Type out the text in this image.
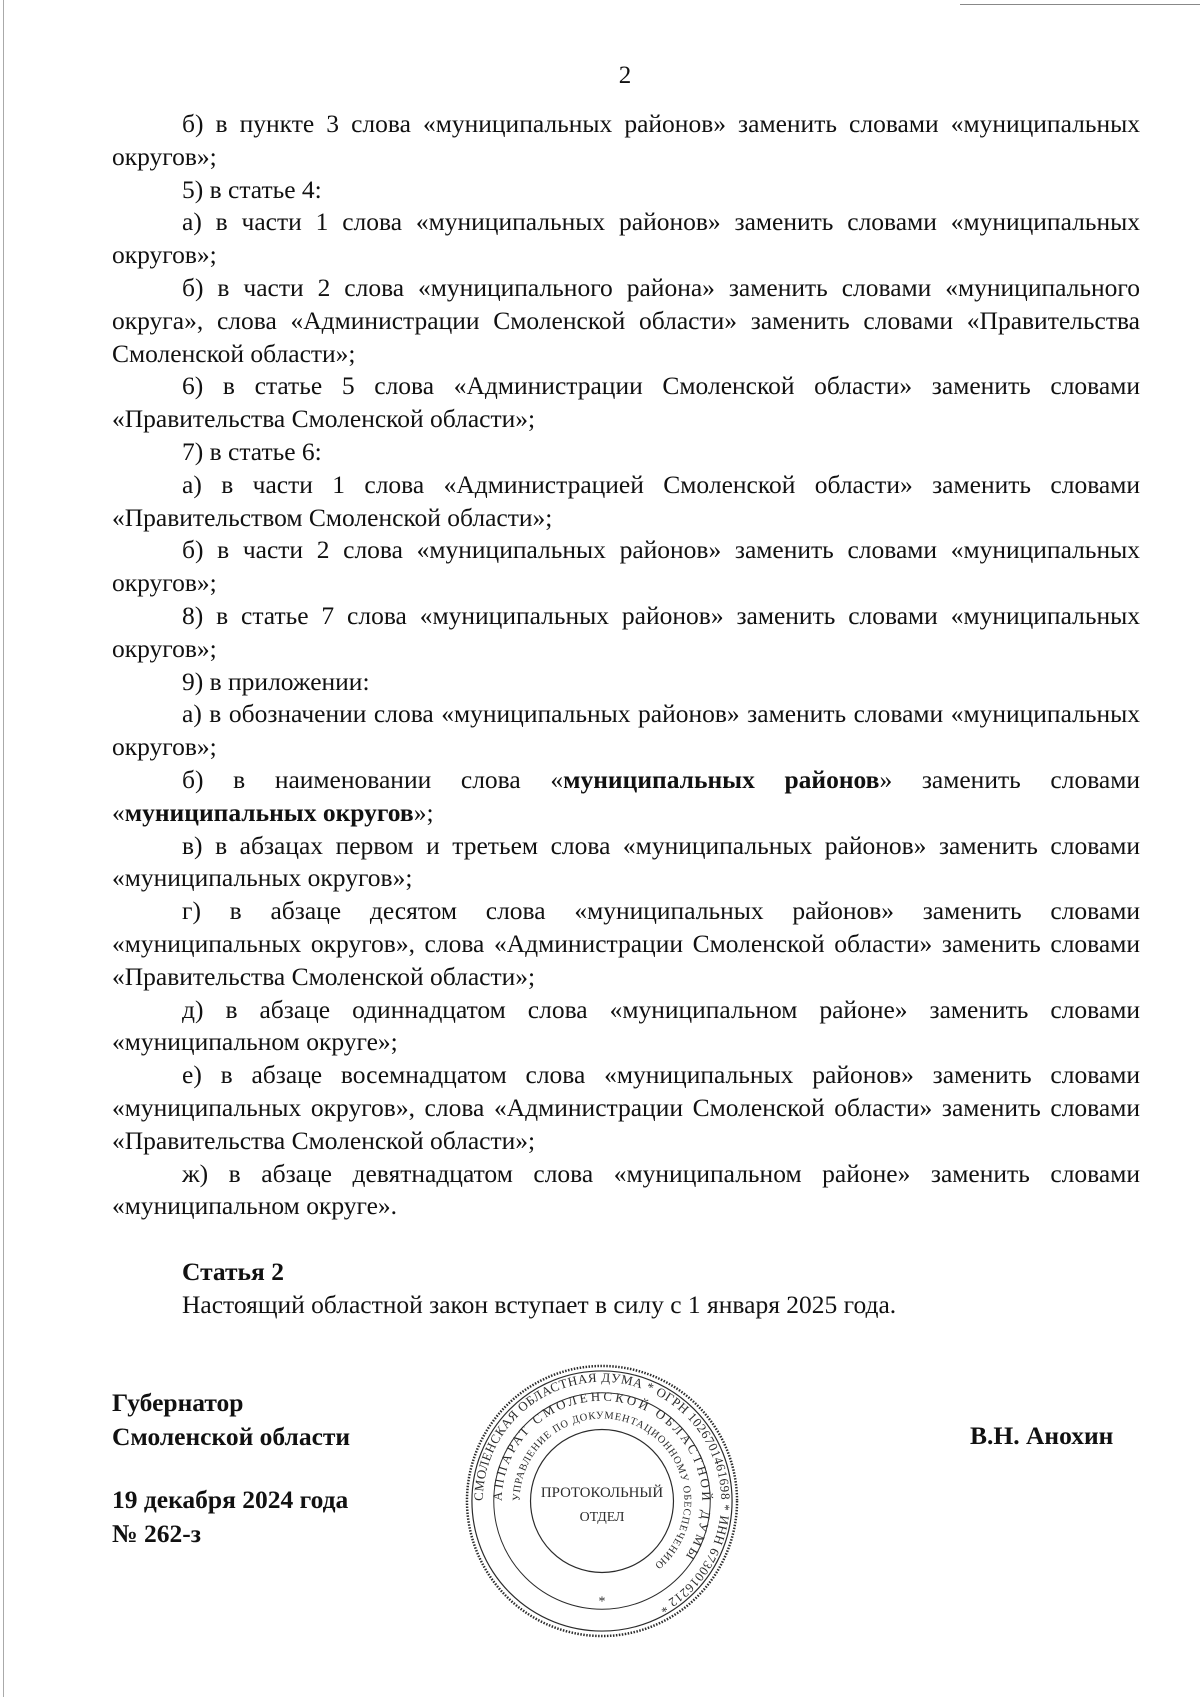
2

б) в пункте 3 слова «муниципальных районов» заменить словами «муниципальных округов»;

5) в статье 4:

а) в части 1 слова «муниципальных районов» заменить словами «муниципальных округов»;

б) в части 2 слова «муниципального района» заменить словами «муниципального округа», слова «Администрации Смоленской области» заменить словами «Правительства Смоленской области»;

6) в статье 5 слова «Администрации Смоленской области» заменить словами «Правительства Смоленской области»;

7) в статье 6:

а) в части 1 слова «Администрацией Смоленской области» заменить словами «Правительством Смоленской области»;

б) в части 2 слова «муниципальных районов» заменить словами «муниципальных округов»;

8) в статье 7 слова «муниципальных районов» заменить словами «муниципальных округов»;

9) в приложении:

а) в обозначении слова «муниципальных районов» заменить словами «муниципальных округов»;

б) в наименовании слова «муниципальных районов» заменить словами «муниципальных округов»;

в) в абзацах первом и третьем слова «муниципальных районов» заменить словами «муниципальных округов»;

г) в абзаце десятом слова «муниципальных районов» заменить словами «муниципальных округов», слова «Администрации Смоленской области» заменить словами «Правительства Смоленской области»;

д) в абзаце одиннадцатом слова «муниципальном районе» заменить словами «муниципальном округе»;

е) в абзаце восемнадцатом слова «муниципальных районов» заменить словами «муниципальных округов», слова «Администрации Смоленской области» заменить словами «Правительства Смоленской области»;

ж) в абзаце девятнадцатом слова «муниципальном районе» заменить словами «муниципальном округе».

Статья 2

Настоящий областной закон вступает в силу с 1 января 2025 года.

Губернатор
Смоленской области
19 декабря 2024 года
№ 262-з
В.Н. Анохин
СМОЛЕНСКАЯ ОБЛАСТНАЯ ДУМА * ОГРН 1026701461698 * ИНН 6730016212 *
АППАРАТ СМОЛЕНСКОЙ ОБЛАСТНОЙ ДУМЫ
УПРАВЛЕНИЕ ПО ДОКУМЕНТАЦИОННОМУ ОБЕСПЕЧЕНИЮ
ПРОТОКОЛЬНЫЙ
ОТДЕЛ
*
